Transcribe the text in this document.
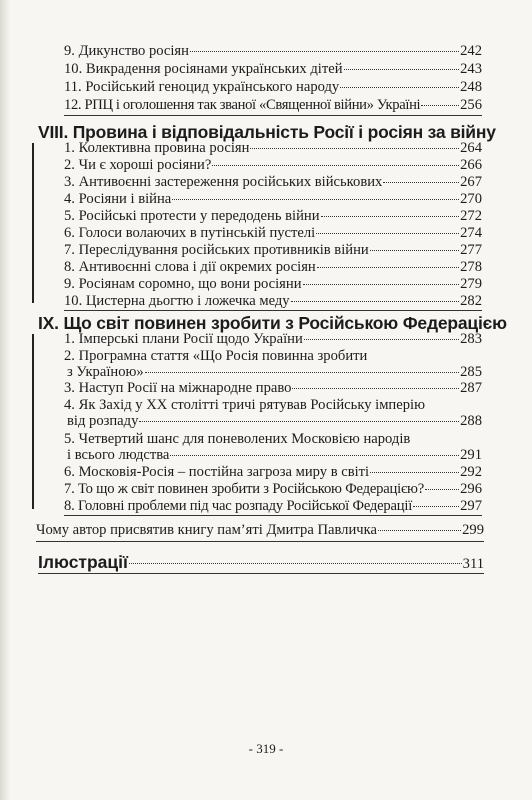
9. Дикунство росіян	242
10. Викрадення росіянами українських дітей	243
11. Російський геноцид українського народу	248
12. РПЦ і оголошення так званої «Священної війни» Україні	256
VIII. Провина і відповідальність Росії і росіян за війну
1. Колективна провина росіян	264
2. Чи є хороші росіяни?	266
3. Антивоєнні застереження російських військових	267
4. Росіяни і війна	270
5. Російські протести у передодень війни	272
6. Голоси волаючих в путінській пустелі	274
7. Переслідування російських противників війни	277
8. Антивоєнні слова і дії окремих росіян	278
9. Росіянам соромно, що вони росіяни	279
10. Цистерна дьогтю і ложечка меду	282
IX. Що світ повинен зробити з Російською Федерацією
1. Імперські плани Росії щодо України	283
2. Програмна стаття «Що Росія повинна зробити
з Україною»	285
3. Наступ Росії на міжнародне право	287
4. Як Захід у XX столітті тричі рятував Російську імперію
від розпаду	288
5. Четвертий шанс для поневолених Московією народів
і всього людства	291
6. Московія-Росія – постійна загроза миру в світі	292
7. То що ж світ повинен зробити з Російською Федерацією? 296
8. Головні проблеми під час розпаду Російської Федерації	297
Чому автор присвятив книгу пам’яті Дмитра Павличка	299
Ілюстрації	311
- 319 -
